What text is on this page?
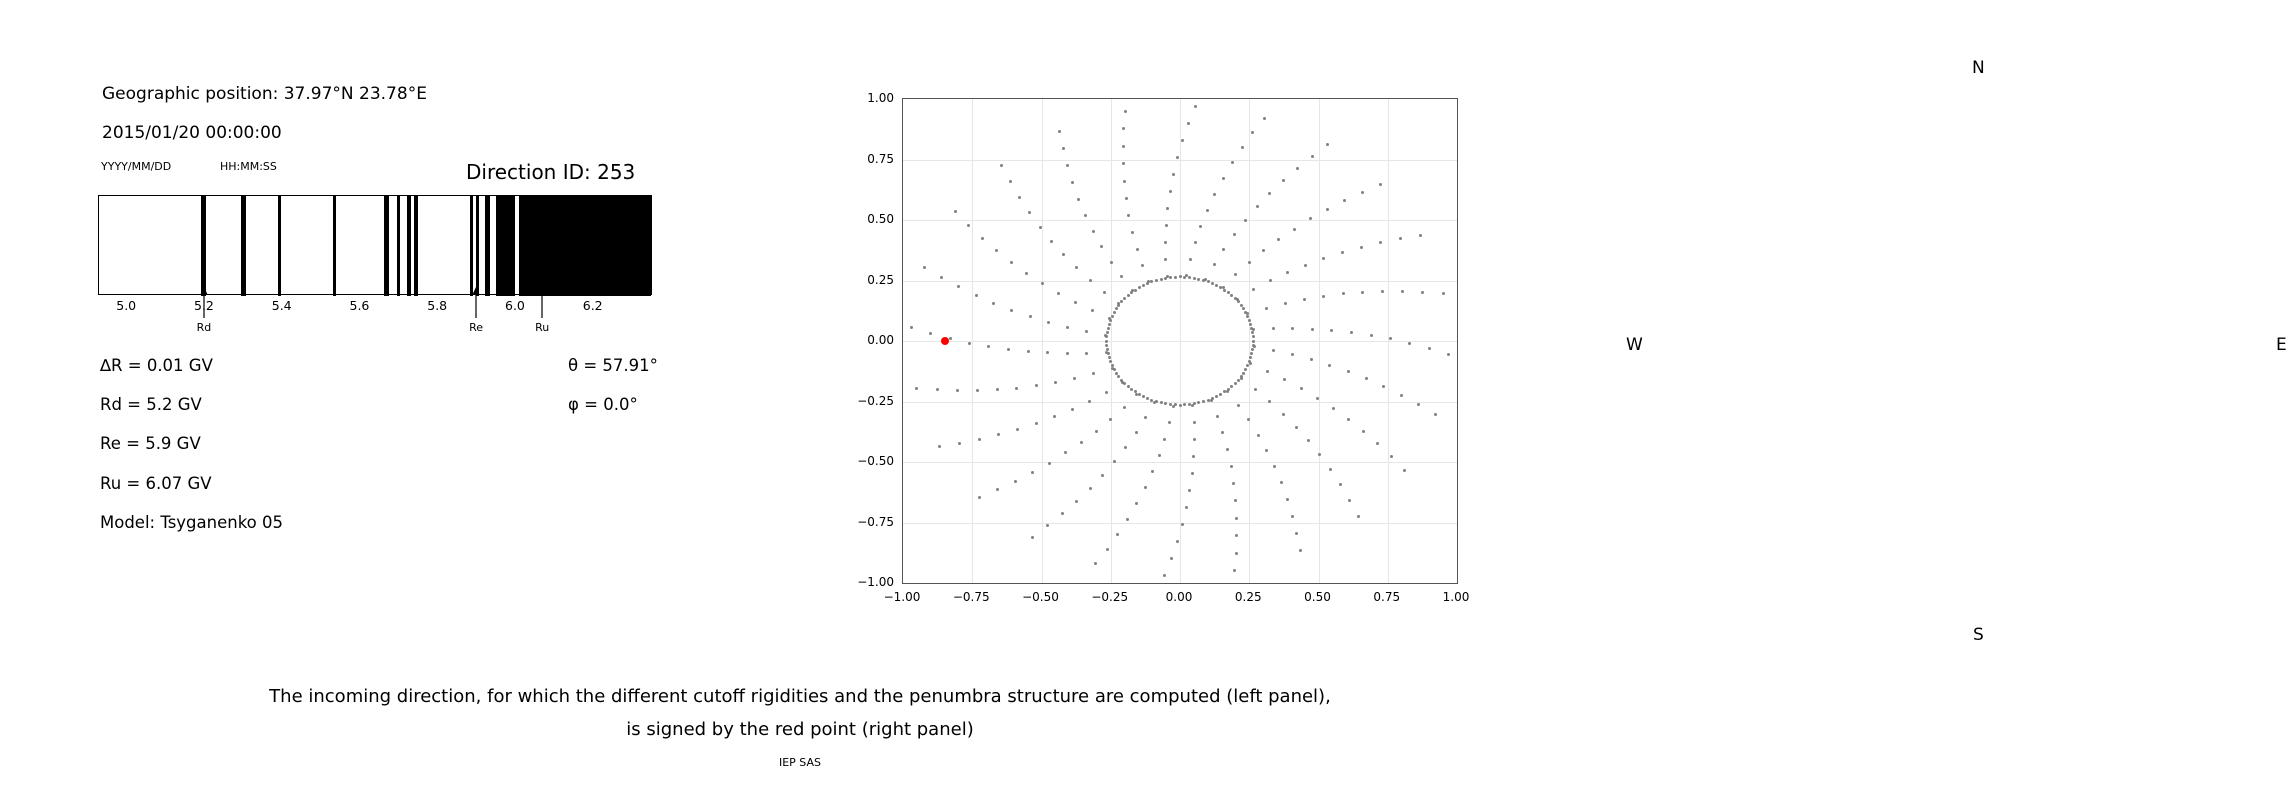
Geographic position: 37.97°N 23.78°E
2015/01/20 00:00:00
YYYY/MM/DD	HH:MM:SS	Direction ID: 253
5.0	5.2	5.4	5.6	5.8	6.0	6.2
Rd	Re	Ru
∆R = 0.01 GV
Rd = 5.2 GV
Re = 5.9 GV
Ru = 6.07 GV
Model: Tsyganenko 05
θ = 57.91°
φ = 0.0°
N
S
W	E
−1.00
−0.75
−0.50
−0.25
0.00
0.25
0.50
0.75
1.00
−1.00	−0.75	−0.50	−0.25	0.00	0.25	0.50	0.75	1.00
The incoming direction, for which the different cutoff rigidities and the penumbra structure are computed (left panel),
is signed by the red point (right panel)
IEP SAS
